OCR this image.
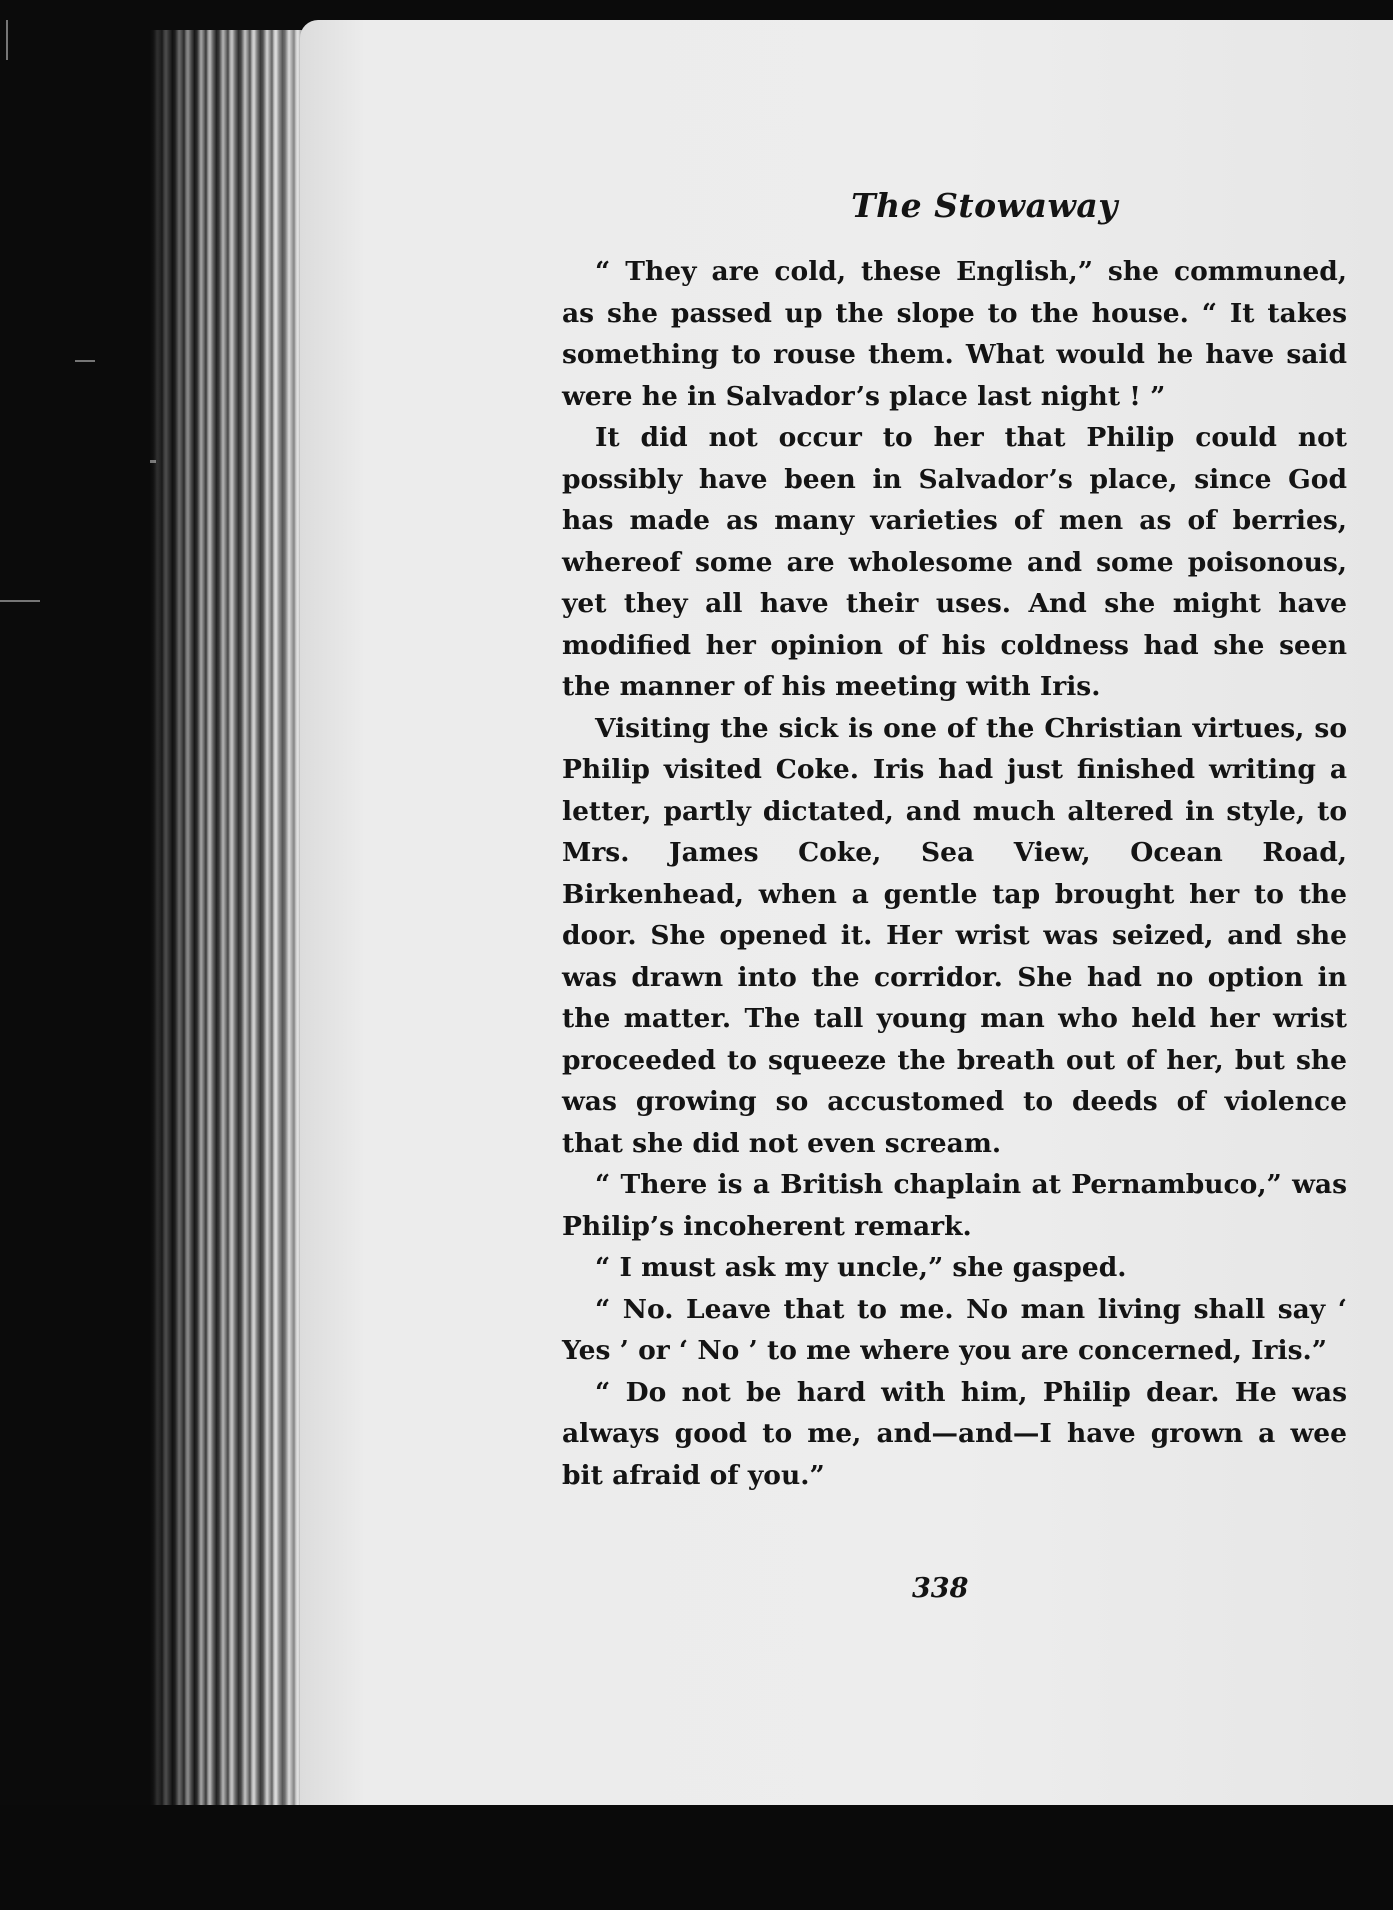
The Stowaway

“ They are cold, these English,” she communed, as she passed up the slope to the house. “ It takes something to rouse them. What would he have said were he in Salvador’s place last night ! ”

It did not occur to her that Philip could not possibly have been in Salvador’s place, since God has made as many varieties of men as of berries, whereof some are wholesome and some poisonous, yet they all have their uses. And she might have modified her opinion of his coldness had she seen the manner of his meeting with Iris.

Visiting the sick is one of the Christian virtues, so Philip visited Coke. Iris had just finished writing a letter, partly dictated, and much altered in style, to Mrs. James Coke, Sea View, Ocean Road, Birkenhead, when a gentle tap brought her to the door. She opened it. Her wrist was seized, and she was drawn into the corridor. She had no option in the matter. The tall young man who held her wrist proceeded to squeeze the breath out of her, but she was growing so accustomed to deeds of violence that she did not even scream.

“ There is a British chaplain at Pernambuco,” was Philip’s incoherent remark.

“ I must ask my uncle,” she gasped.

“ No. Leave that to me. No man living shall say ‘ Yes ’ or ‘ No ’ to me where you are concerned, Iris.”

“ Do not be hard with him, Philip dear. He was always good to me, and—and—I have grown a wee bit afraid of you.”

338
